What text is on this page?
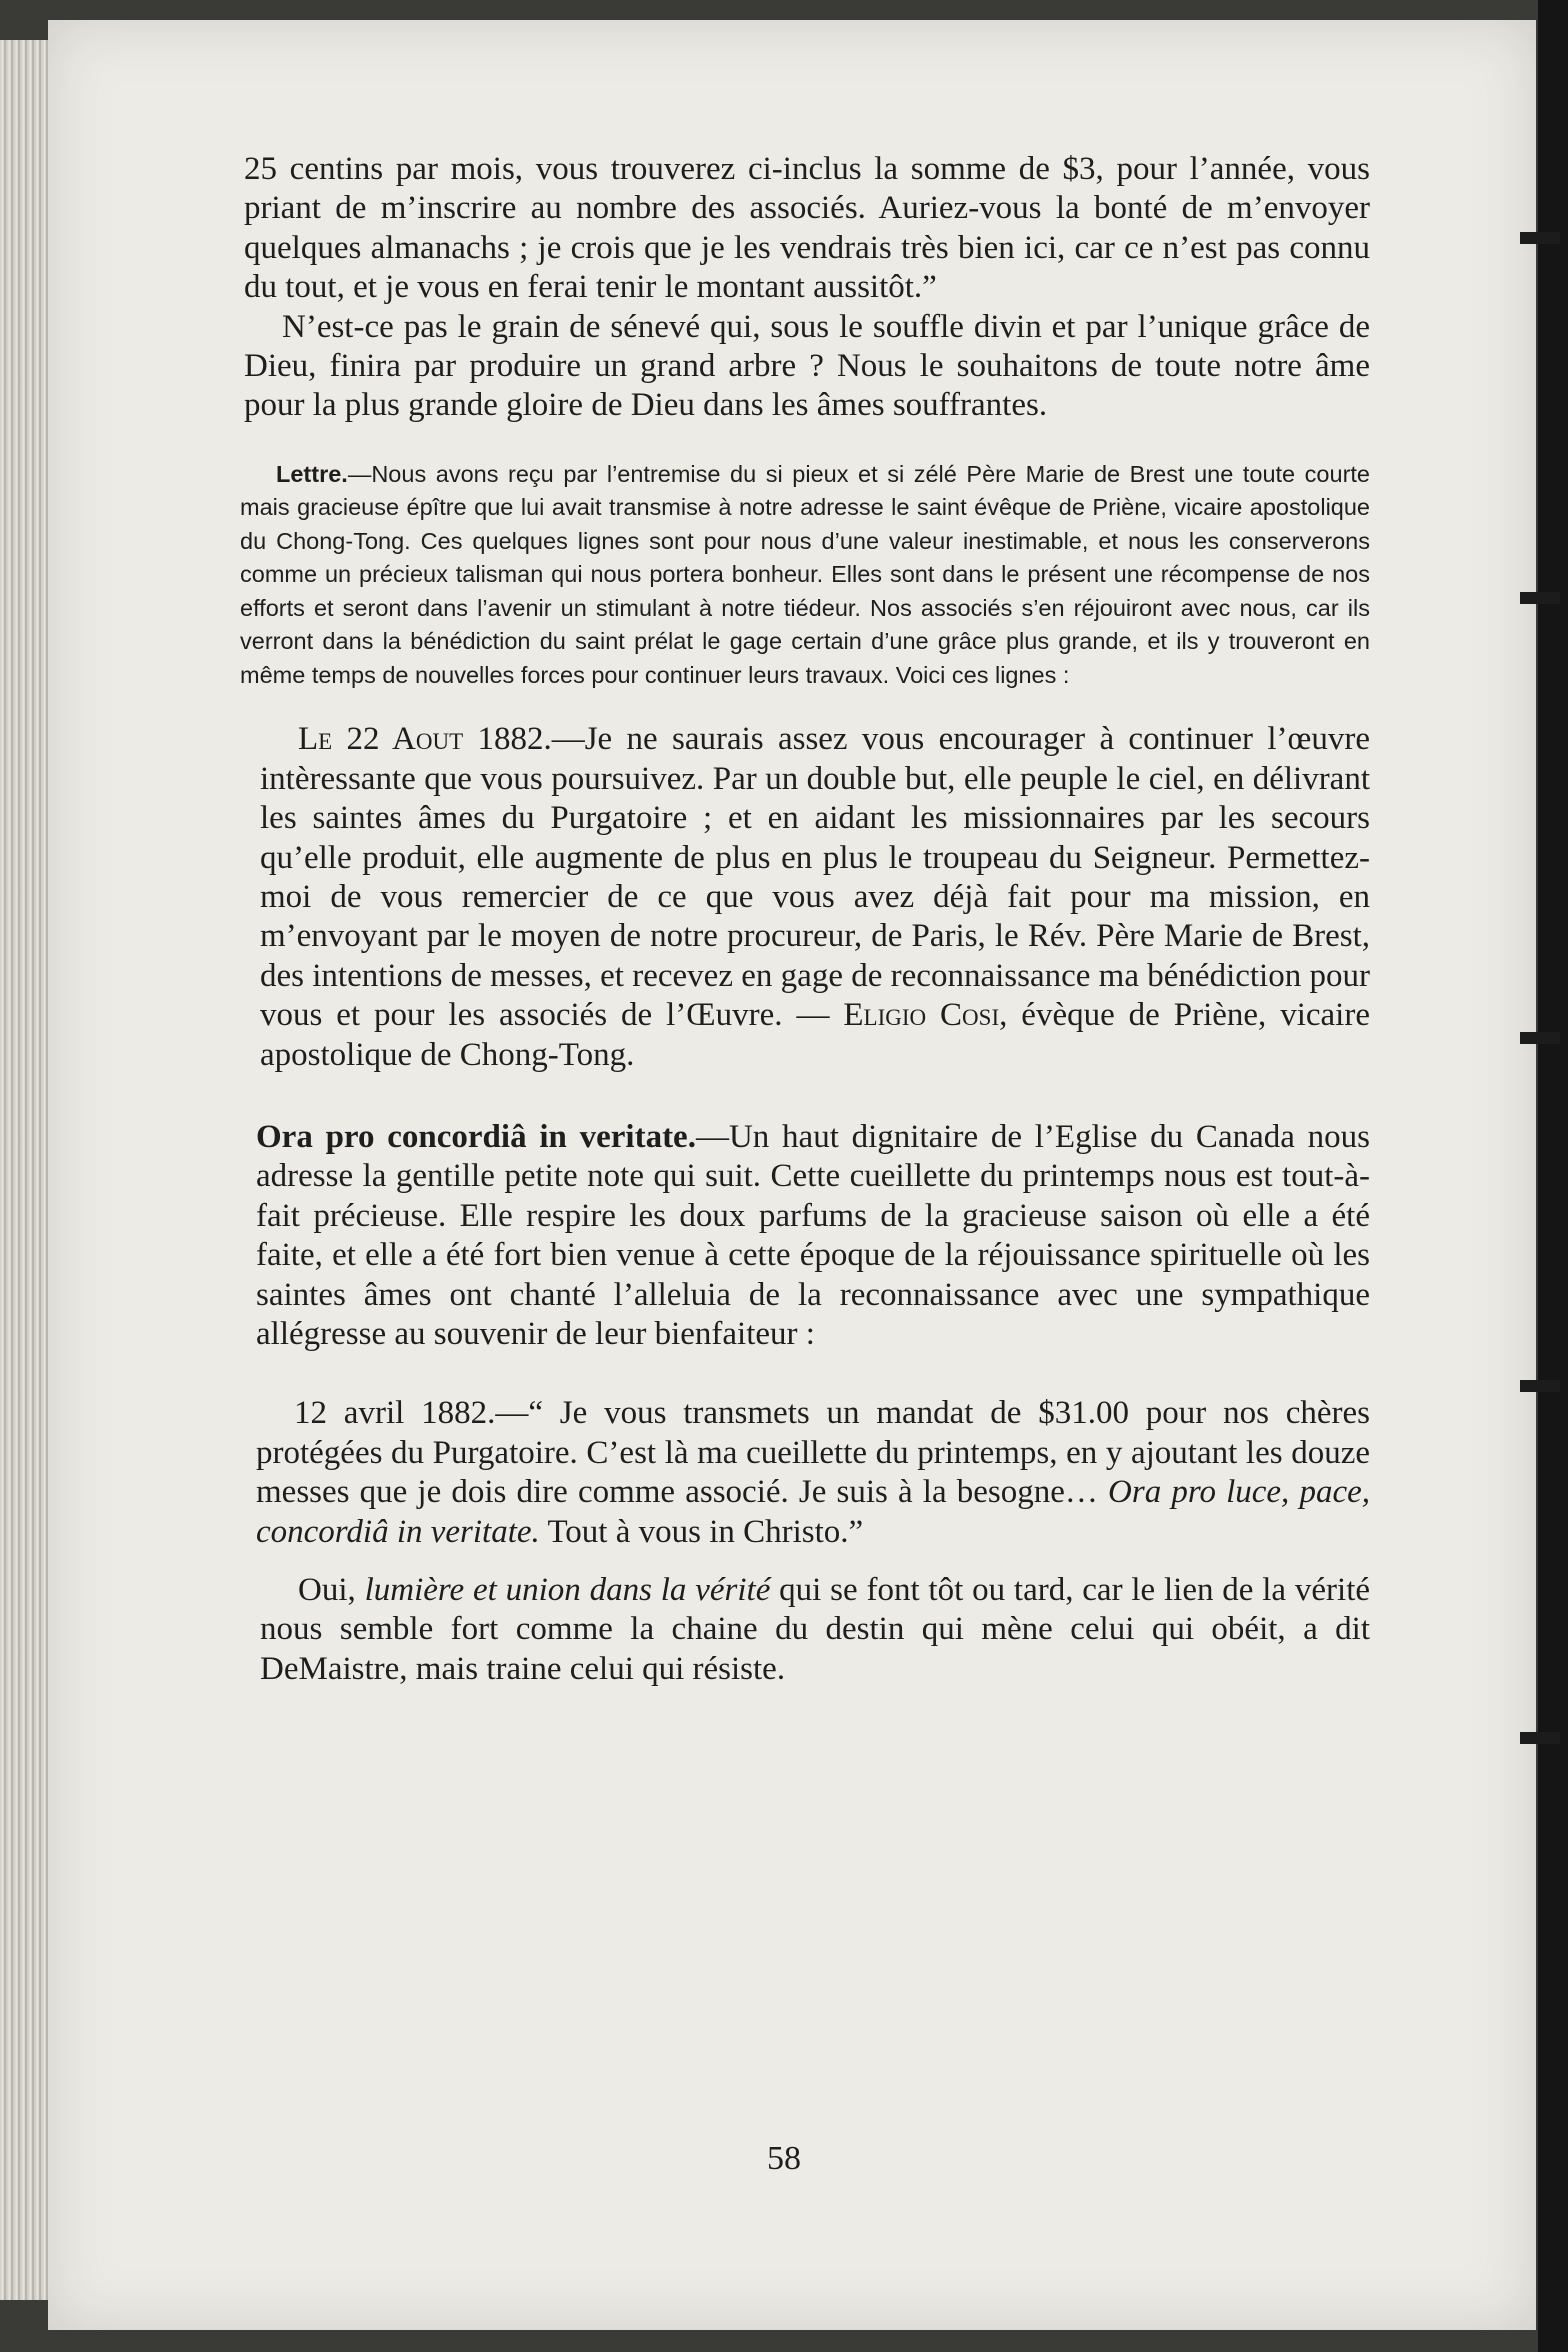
25 centins par mois, vous trouverez ci-inclus la somme de $3, pour l’année, vous priant de m’inscrire au nombre des associés. Auriez-vous la bonté de m’envoyer quelques almanachs ; je crois que je les vendrais très bien ici, car ce n’est pas connu du tout, et je vous en ferai tenir le montant aussitôt.”

N’est-ce pas le grain de sénevé qui, sous le souffle divin et par l’unique grâce de Dieu, finira par produire un grand arbre ? Nous le souhaitons de toute notre âme pour la plus grande gloire de Dieu dans les âmes souffrantes.

Lettre.—Nous avons reçu par l’entremise du si pieux et si zélé Père Marie de Brest une toute courte mais gracieuse épître que lui avait transmise à notre adresse le saint évêque de Priène, vicaire apostolique du Chong-Tong. Ces quelques lignes sont pour nous d’une valeur inestimable, et nous les conserverons comme un précieux talisman qui nous portera bonheur. Elles sont dans le présent une récompense de nos efforts et seront dans l’avenir un stimulant à notre tiédeur. Nos associés s’en réjouiront avec nous, car ils verront dans la bénédiction du saint prélat le gage certain d’une grâce plus grande, et ils y trouveront en même temps de nouvelles forces pour continuer leurs travaux. Voici ces lignes :

Le 22 Aout 1882.—Je ne saurais assez vous encourager à continuer l’œuvre intèressante que vous poursuivez. Par un double but, elle peuple le ciel, en délivrant les saintes âmes du Purgatoire ; et en aidant les missionnaires par les secours qu’elle produit, elle augmente de plus en plus le troupeau du Seigneur. Permettez-moi de vous remercier de ce que vous avez déjà fait pour ma mission, en m’envoyant par le moyen de notre procureur, de Paris, le Rév. Père Marie de Brest, des intentions de messes, et recevez en gage de reconnaissance ma bénédiction pour vous et pour les associés de l’Œuvre. — Eligio Cosi, évèque de Priène, vicaire apostolique de Chong-Tong.

Ora pro concordiâ in veritate.—Un haut dignitaire de l’Eglise du Canada nous adresse la gentille petite note qui suit. Cette cueillette du printemps nous est tout-à-fait précieuse. Elle respire les doux parfums de la gracieuse saison où elle a été faite, et elle a été fort bien venue à cette époque de la réjouissance spirituelle où les saintes âmes ont chanté l’alleluia de la reconnaissance avec une sympathique allégresse au souvenir de leur bienfaiteur :

12 avril 1882.—“ Je vous transmets un mandat de $31.00 pour nos chères protégées du Purgatoire. C’est là ma cueillette du printemps, en y ajoutant les douze messes que je dois dire comme associé. Je suis à la besogne… Ora pro luce, pace, concordiâ in veritate. Tout à vous in Christo.”

Oui, lumière et union dans la vérité qui se font tôt ou tard, car le lien de la vérité nous semble fort comme la chaine du destin qui mène celui qui obéit, a dit DeMaistre, mais traine celui qui résiste.

58
